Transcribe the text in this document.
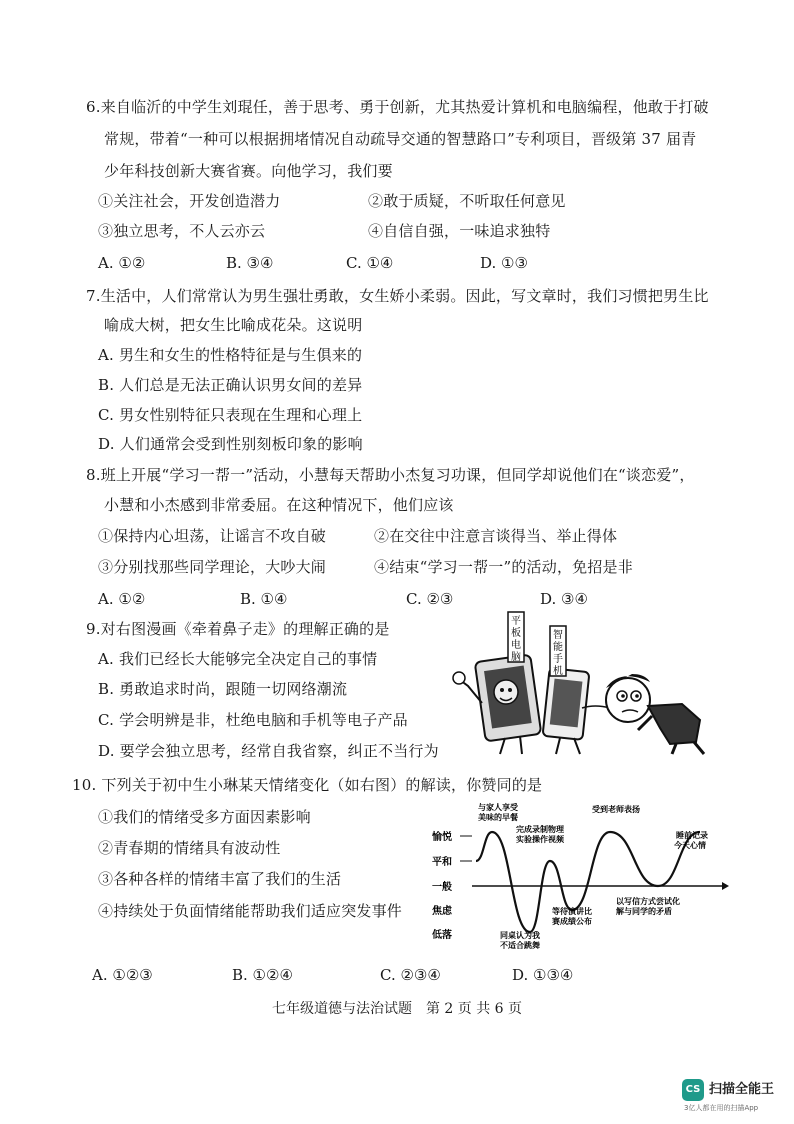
6.来自临沂的中学生刘琨任，善于思考、勇于创新，尤其热爱计算机和电脑编程，他敢于打破
常规，带着“一种可以根据拥堵情况自动疏导交通的智慧路口”专利项目，晋级第 37 届青
少年科技创新大赛省赛。向他学习，我们要
①关注社会，开发创造潜力	②敢于质疑，不听取任何意见
③独立思考，不人云亦云	④自信自强，一味追求独特
A. ①②	B. ③④	C. ①④	D. ①③
7.生活中，人们常常认为男生强壮勇敢，女生娇小柔弱。因此，写文章时，我们习惯把男生比
喻成大树，把女生比喻成花朵。这说明
A. 男生和女生的性格特征是与生俱来的
B. 人们总是无法正确认识男女间的差异
C. 男女性别特征只表现在生理和心理上
D. 人们通常会受到性别刻板印象的影响
8.班上开展“学习一帮一”活动，小慧每天帮助小杰复习功课，但同学却说他们在“谈恋爱”，
小慧和小杰感到非常委屈。在这种情况下，他们应该
①保持内心坦荡，让谣言不攻自破	②在交往中注意言谈得当、举止得体
③分别找那些同学理论，大吵大闹	④结束“学习一帮一”的活动，免招是非
A. ①②	B. ①④	C. ②③	D. ③④
9.对右图漫画《牵着鼻子走》的理解正确的是
A. 我们已经长大能够完全决定自己的事情
B. 勇敢追求时尚，跟随一切网络潮流
C. 学会明辨是非，杜绝电脑和手机等电子产品
D. 要学会独立思考，经常自我省察，纠正不当行为
平
板
电
脑
智
能
手
机
10. 下列关于初中生小琳某天情绪变化（如右图）的解读，你赞同的是
①我们的情绪受多方面因素影响
②青春期的情绪具有波动性
③各种各样的情绪丰富了我们的生活
④持续处于负面情绪能帮助我们适应突发事件
A. ①②③	B. ①②④	C. ②③④	D. ①③④
愉悦
平和
一般
焦虑
低落
与家人享受
美味的早餐
同桌认为我
不适合跳舞
完成录制物理
实验操作视频
等待演讲比
赛成绩公布
受到老师表扬
以写信方式尝试化
解与同学的矛盾
睡前记录
今天心情
七年级道德与法治试题　第 2 页 共 6 页
CS 扫描全能王
3亿人都在用的扫描App
